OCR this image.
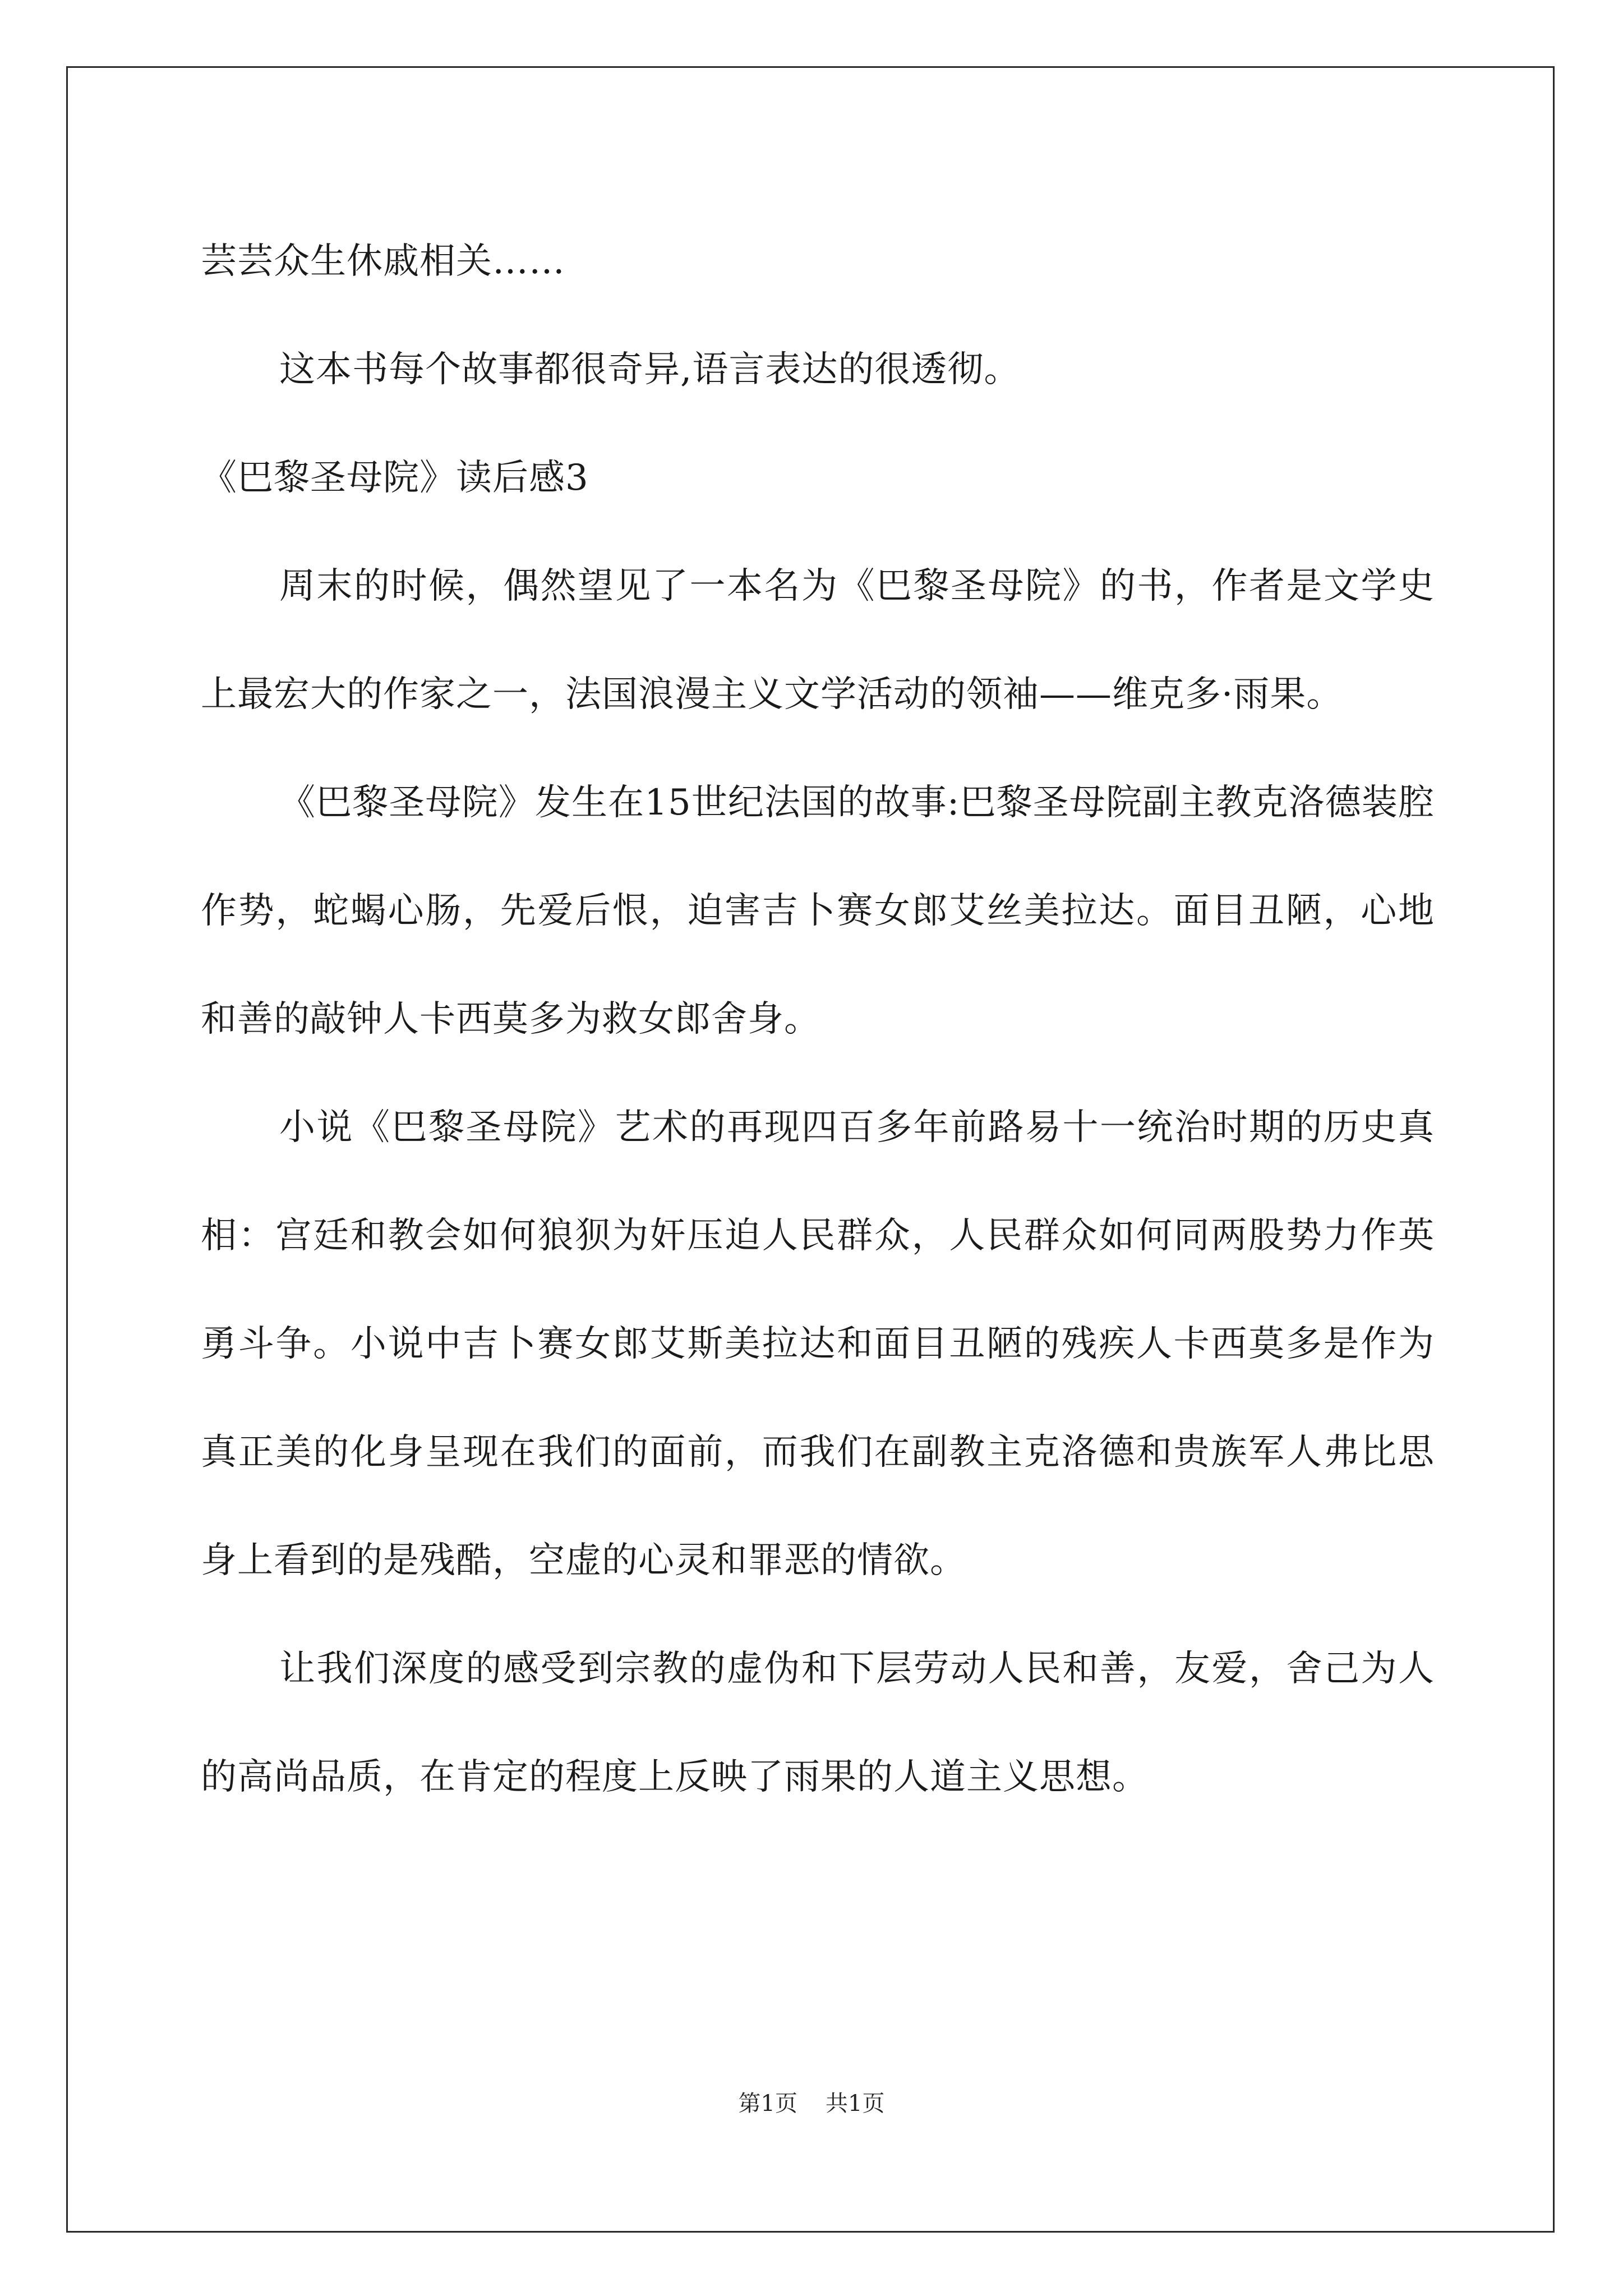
芸芸众生休戚相关……

这本书每个故事都很奇异,语言表达的很透彻。

《巴黎圣母院》读后感3

周末的时候，偶然望见了一本名为《巴黎圣母院》的书，作者是文学史上最宏大的作家之一，法国浪漫主义文学活动的领袖——维克多·雨果。

《巴黎圣母院》发生在15世纪法国的故事:巴黎圣母院副主教克洛德装腔作势，蛇蝎心肠，先爱后恨，迫害吉卜赛女郎艾丝美拉达。面目丑陋，心地和善的敲钟人卡西莫多为救女郎舍身。

小说《巴黎圣母院》艺术的再现四百多年前路易十一统治时期的历史真相：宫廷和教会如何狼狈为奸压迫人民群众，人民群众如何同两股势力作英勇斗争。小说中吉卜赛女郎艾斯美拉达和面目丑陋的残疾人卡西莫多是作为真正美的化身呈现在我们的面前，而我们在副教主克洛德和贵族军人弗比思身上看到的是残酷，空虚的心灵和罪恶的情欲。

让我们深度的感受到宗教的虚伪和下层劳动人民和善，友爱，舍己为人的高尚品质，在肯定的程度上反映了雨果的人道主义思想。

第1页 共1页
